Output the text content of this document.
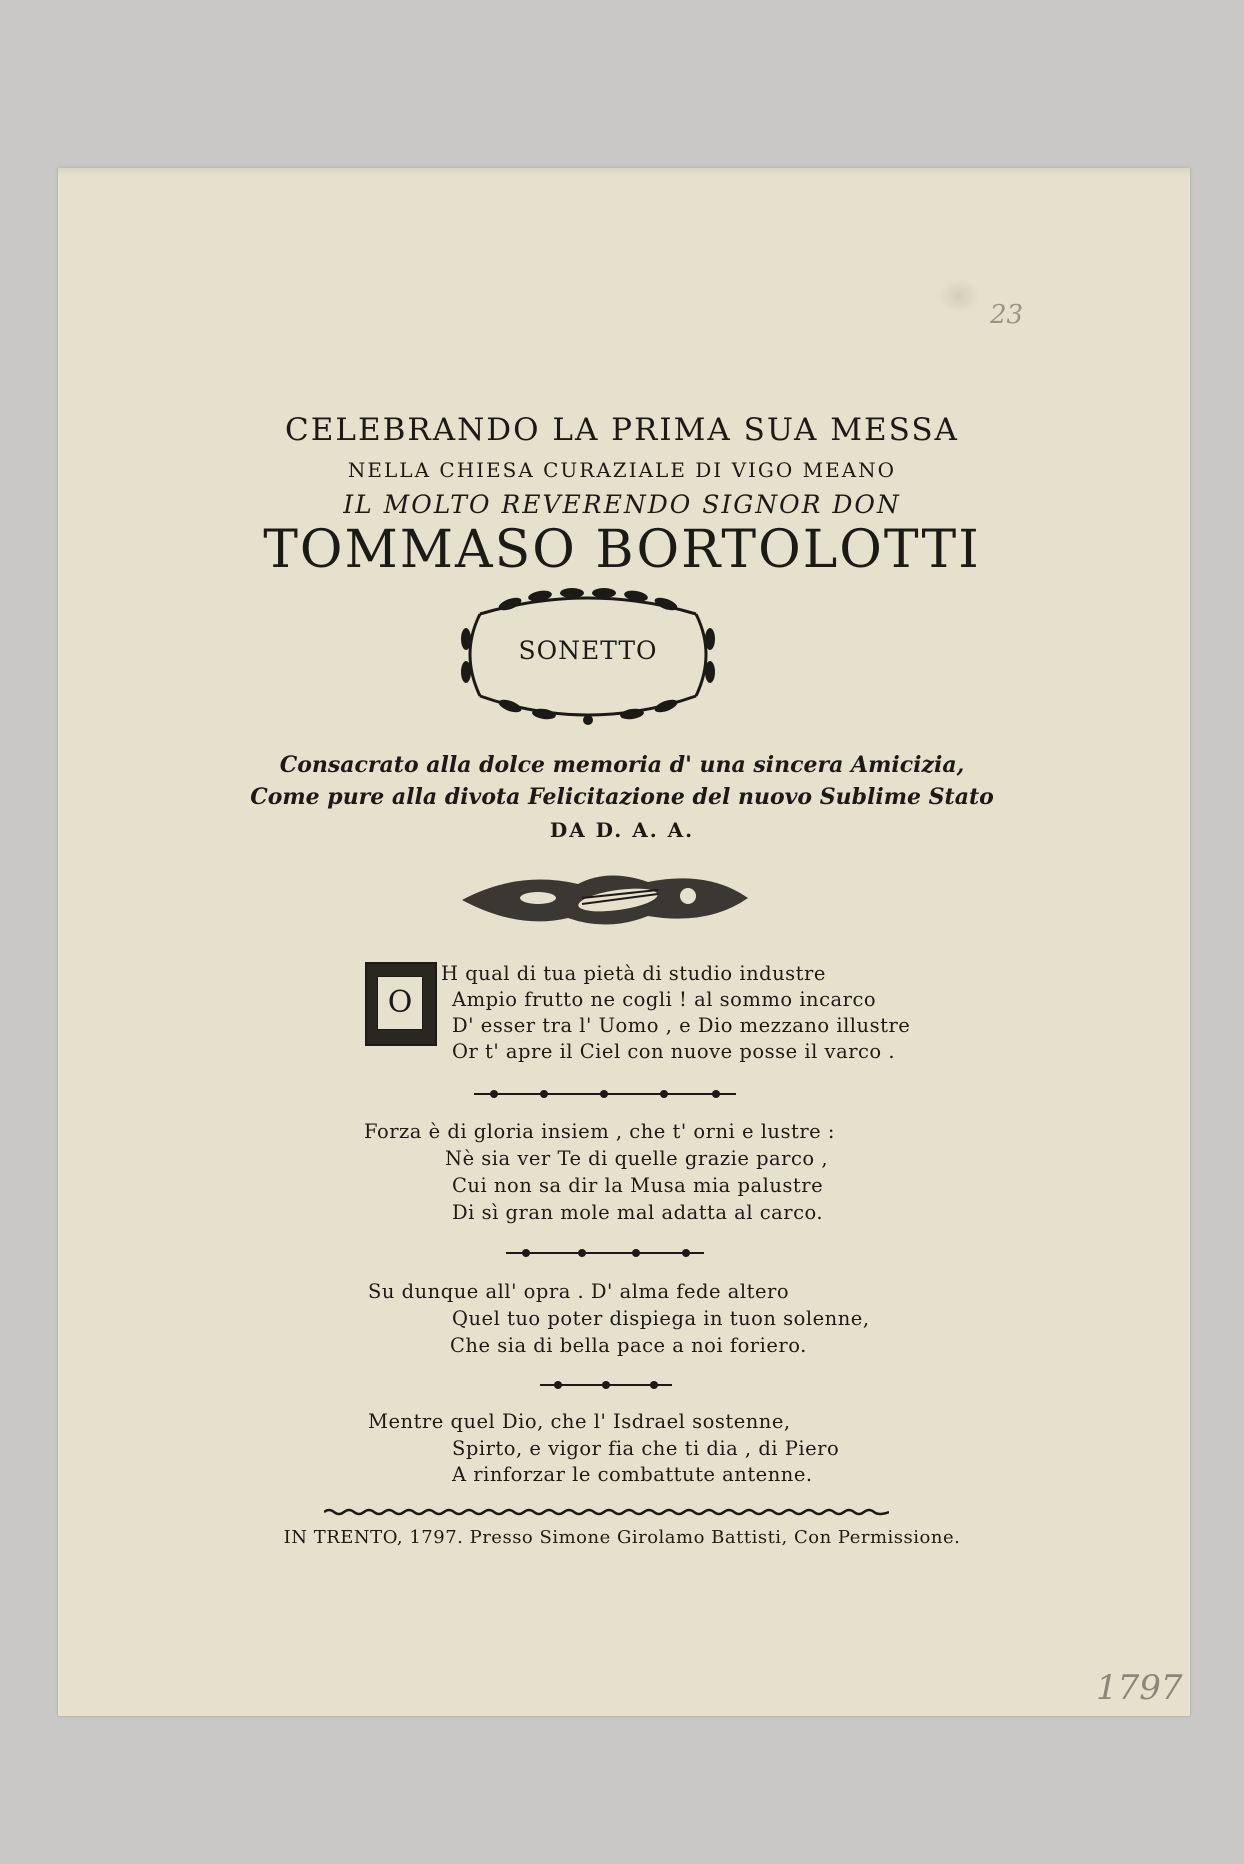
23
1797
CELEBRANDO LA PRIMA SUA MESSA
NELLA CHIESA CURAZIALE DI VIGO MEANO
IL MOLTO REVERENDO SIGNOR DON
TOMMASO BORTOLOTTI
SONETTO
Consacrato alla dolce memoria d' una sincera Amicizia,
Come pure alla divota Felicitazione del nuovo Sublime Stato
DA D. A. A.
O
H qual di tua pietà di studio industre
Ampio frutto ne cogli ! al sommo incarco
D' esser tra l' Uomo , e Dio mezzano illustre
Or t' apre il Ciel con nuove posse il varco .
Forza è di gloria insiem , che t' orni e lustre :
Nè sia ver Te di quelle grazie parco ,
Cui non sa dir la Musa mia palustre
Di sì gran mole mal adatta al carco.
Su dunque all' opra . D' alma fede altero
Quel tuo poter dispiega in tuon solenne,
Che sia di bella pace a noi foriero.
Mentre quel Dio, che l' Isdrael sostenne,
Spirto, e vigor fia che ti dia , di Piero
A rinforzar le combattute antenne.
IN TRENTO, 1797. Presso Simone Girolamo Battisti, Con Permissione.
